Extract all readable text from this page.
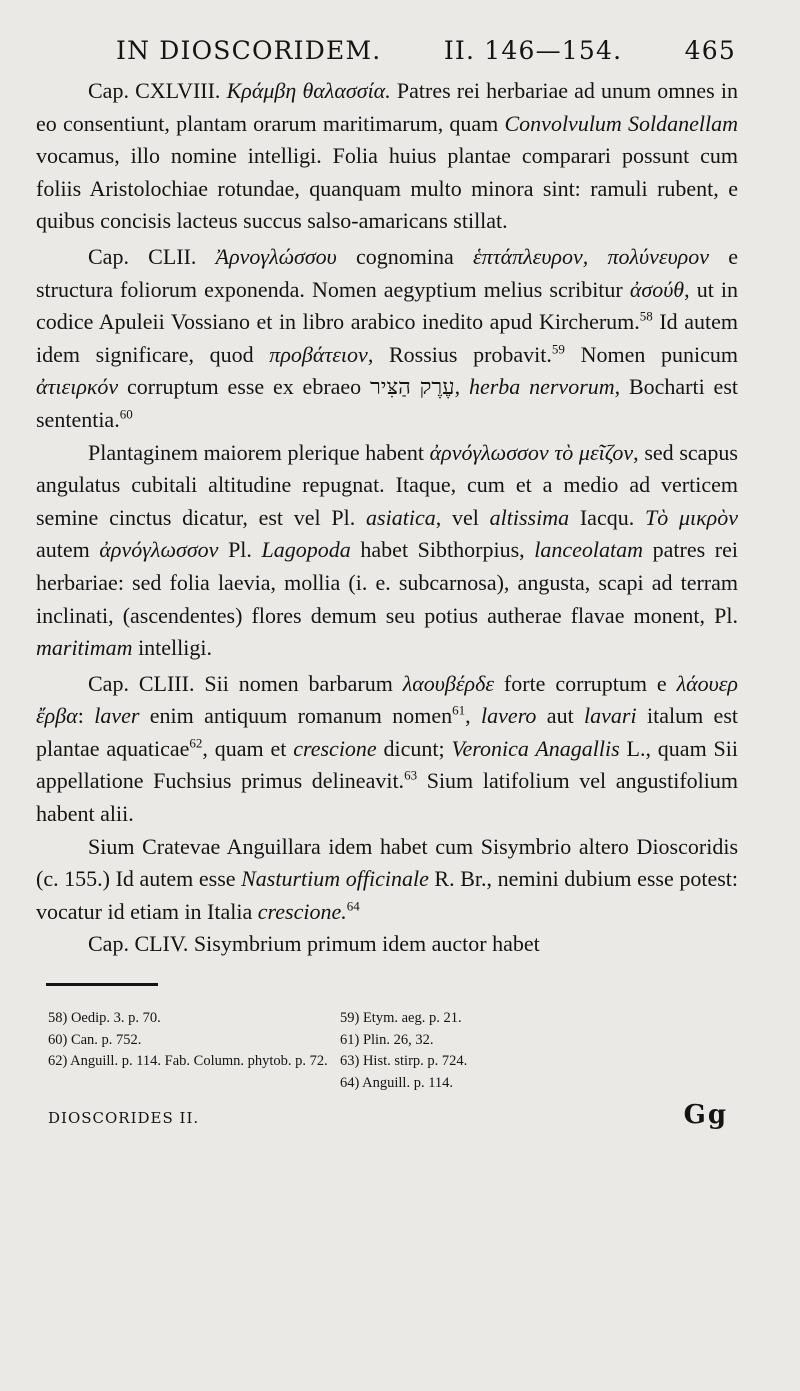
IN DIOSCORIDEM. II. 146—154. 465

Cap. CXLVIII. Κράμβη θαλασσία. Patres rei herbariae ad unum omnes in eo consentiunt, plantam orarum maritimarum, quam Convolvulum Soldanellam vocamus, illo nomine intelligi. Folia huius plantae comparari possunt cum foliis Aristolochiae rotundae, quanquam multo minora sint: ramuli rubent, e quibus concisis lacteus succus salso-amaricans stillat.

Cap. CLII. Ἀρνογλώσσου cognomina ἑπτάπλευρον, πολύνευρον e structura foliorum exponenda. Nomen aegyptium melius scribitur ἀσούθ, ut in codice Apuleii Vossiano et in libro arabico inedito apud Kircherum.$^{58}$ Id autem idem significare, quod προβάτειον, Rossius probavit.$^{59}$ Nomen punicum ἀτιειρκόν corruptum esse ex ebraeo עֶרֶק הַצִּיר, herba nervorum, Bocharti est sententia.$^{60}$

Plantaginem maiorem plerique habent ἀρνόγλωσσον τὸ μεῖζον, sed scapus angulatus cubitali altitudine repugnat. Itaque, cum et a medio ad verticem semine cinctus dicatur, est vel Pl. asiatica, vel altissima Iacqu. Τὸ μικρὸν autem ἀρνόγλωσσον Pl. Lagopoda habet Sibthorpius, lanceolatam patres rei herbariae: sed folia laevia, mollia (i. e. subcarnosa), angusta, scapi ad terram inclinati, (ascendentes) flores demum seu potius autherae flavae monent, Pl. maritimam intelligi.

Cap. CLIII. Sii nomen barbarum λαουβέρδε forte corruptum e λάουερ ἔρβα: laver enim antiquum romanum nomen$^{61}$, lavero aut lavari italum est plantae aquaticae$^{62}$, quam et crescione dicunt; Veronica Anagallis L., quam Sii appellatione Fuchsius primus delineavit.$^{63}$ Sium latifolium vel angustifolium habent alii.

Sium Cratevae Anguillara idem habet cum Sisymbrio altero Dioscoridis (c. 155.) Id autem esse Nasturtium officinale R. Br., nemini dubium esse potest: vocatur id etiam in Italia crescione.$^{64}$

Cap. CLIV. Sisymbrium primum idem auctor habet

58) Oedip. 3. p. 70.	59) Etym. aeg. p. 21.
60) Can. p. 752.	61) Plin. 26, 32.
62) Anguill. p. 114. Fab. Column. phytob. p. 72. 63) Hist. stirp. p. 724.
64) Anguill. p. 114.
DIOSCORIDES II.	Gg
